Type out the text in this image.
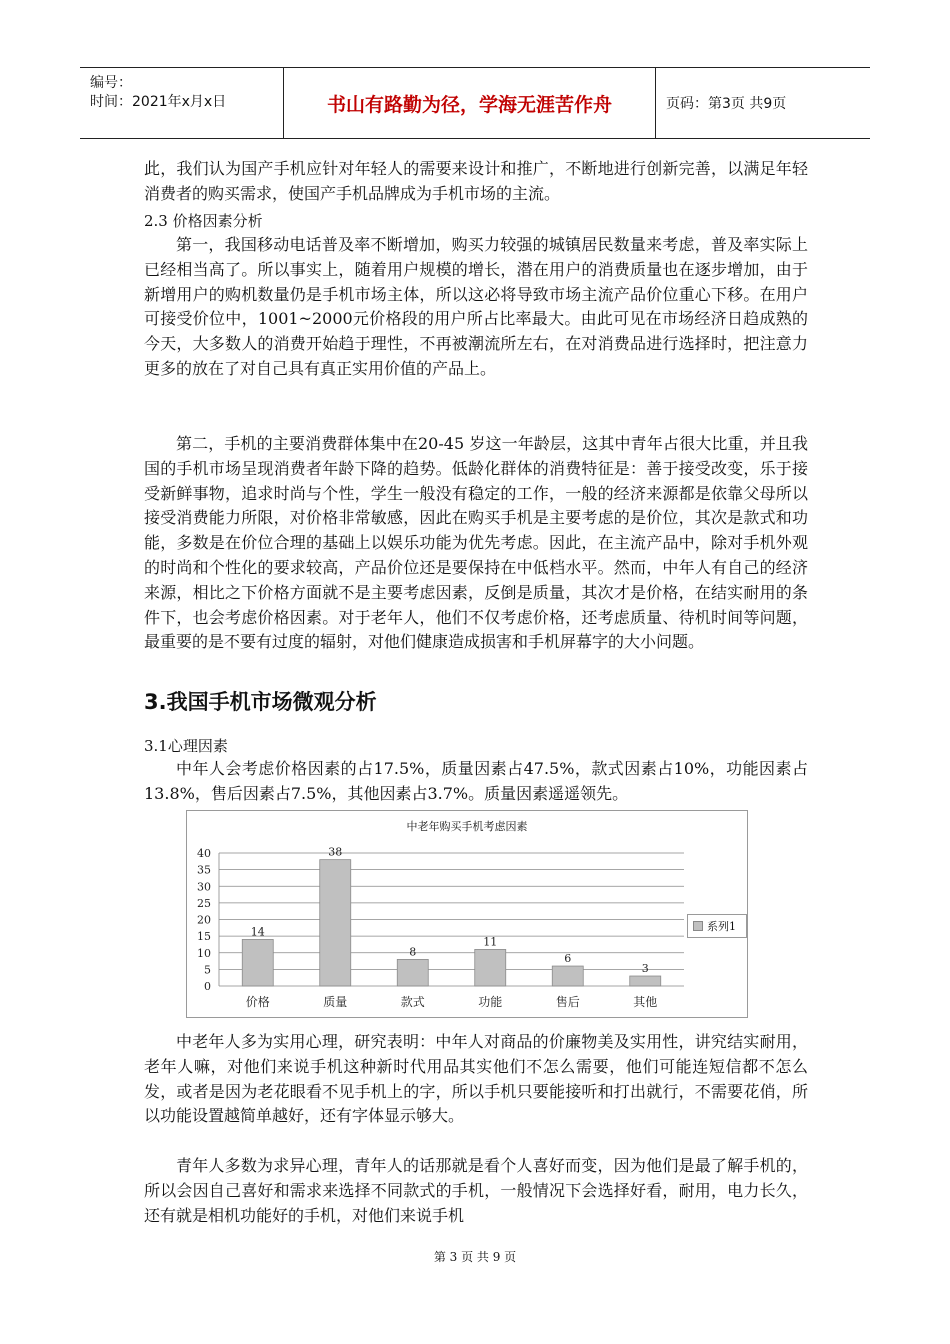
编号：
时间：2021年x月x日	书山有路勤为径，学海无涯苦作舟	页码：第3页 共9页

此，我们认为国产手机应针对年轻人的需要来设计和推广，不断地进行创新完善，以满足年轻消费者的购买需求，使国产手机品牌成为手机市场的主流。

2.3 价格因素分析

第一，我国移动电话普及率不断增加，购买力较强的城镇居民数量来考虑，普及率实际上已经相当高了。所以事实上，随着用户规模的增长，潜在用户的消费质量也在逐步增加，由于新增用户的购机数量仍是手机市场主体，所以这必将导致市场主流产品价位重心下移。在用户可接受价位中，1001~2000元价格段的用户所占比率最大。由此可见在市场经济日趋成熟的今天，大多数人的消费开始趋于理性，不再被潮流所左右，在对消费品进行选择时，把注意力更多的放在了对自己具有真正实用价值的产品上。

第二，手机的主要消费群体集中在20-45 岁这一年龄层，这其中青年占很大比重，并且我国的手机市场呈现消费者年龄下降的趋势。低龄化群体的消费特征是：善于接受改变，乐于接受新鲜事物，追求时尚与个性，学生一般没有稳定的工作，一般的经济来源都是依靠父母所以接受消费能力所限，对价格非常敏感，因此在购买手机是主要考虑的是价位，其次是款式和功能，多数是在价位合理的基础上以娱乐功能为优先考虑。因此，在主流产品中，除对手机外观的时尚和个性化的要求较高，产品价位还是要保持在中低档水平。然而，中年人有自己的经济来源，相比之下价格方面就不是主要考虑因素，反倒是质量，其次才是价格，在结实耐用的条件下，也会考虑价格因素。对于老年人，他们不仅考虑价格，还考虑质量、待机时间等问题，最重要的是不要有过度的辐射，对他们健康造成损害和手机屏幕字的大小问题。

3.我国手机市场微观分析

3.1心理因素

中年人会考虑价格因素的占17.5%，质量因素占47.5%，款式因素占10%，功能因素占13.8%，售后因素占7.5%，其他因素占3.7%。质量因素遥遥领先。

中老年购买手机考虑因素
0
5
10
15
20
25
30
35
40
14
价格
38
质量
8
款式
11
功能
6
售后
3
其他
系列1

中老年人多为实用心理，研究表明：中年人对商品的价廉物美及实用性，讲究结实耐用，老年人嘛，对他们来说手机这种新时代用品其实他们不怎么需要，他们可能连短信都不怎么发，或者是因为老花眼看不见手机上的字，所以手机只要能接听和打出就行，不需要花俏，所以功能设置越简单越好，还有字体显示够大。

青年人多数为求异心理，青年人的话那就是看个人喜好而变，因为他们是最了解手机的，所以会因自己喜好和需求来选择不同款式的手机，一般情况下会选择好看，耐用，电力长久，还有就是相机功能好的手机，对他们来说手机

第 3 页 共 9 页
